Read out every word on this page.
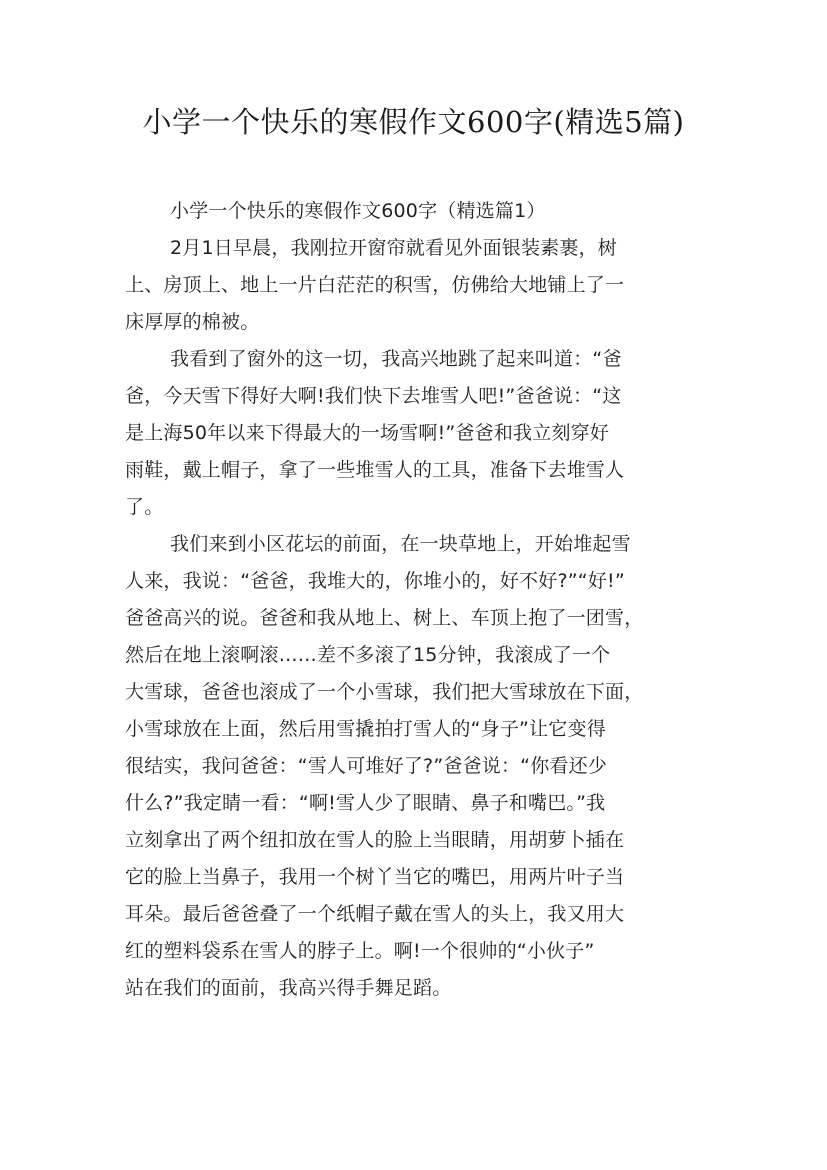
小学一个快乐的寒假作文600字(精选5篇)
小学一个快乐的寒假作文600字（精选篇1）
2月1日早晨，我刚拉开窗帘就看见外面银装素裹，树
上、房顶上、地上一片白茫茫的积雪，仿佛给大地铺上了一
床厚厚的棉被。
我看到了窗外的这一切，我高兴地跳了起来叫道：“爸
爸，今天雪下得好大啊!我们快下去堆雪人吧!”爸爸说：“这
是上海50年以来下得最大的一场雪啊!”爸爸和我立刻穿好
雨鞋，戴上帽子，拿了一些堆雪人的工具，准备下去堆雪人
了。
我们来到小区花坛的前面，在一块草地上，开始堆起雪
人来，我说：“爸爸，我堆大的，你堆小的，好不好?”“好!”
爸爸高兴的说。爸爸和我从地上、树上、车顶上抱了一团雪，
然后在地上滚啊滚……差不多滚了15分钟，我滚成了一个
大雪球，爸爸也滚成了一个小雪球，我们把大雪球放在下面，
小雪球放在上面，然后用雪撬拍打雪人的“身子”让它变得
很结实，我问爸爸：“雪人可堆好了?”爸爸说：“你看还少
什么?”我定睛一看：“啊!雪人少了眼睛、鼻子和嘴巴。”我
立刻拿出了两个纽扣放在雪人的脸上当眼睛，用胡萝卜插在
它的脸上当鼻子，我用一个树丫当它的嘴巴，用两片叶子当
耳朵。最后爸爸叠了一个纸帽子戴在雪人的头上，我又用大
红的塑料袋系在雪人的脖子上。啊!一个很帅的“小伙子”
站在我们的面前，我高兴得手舞足蹈。
